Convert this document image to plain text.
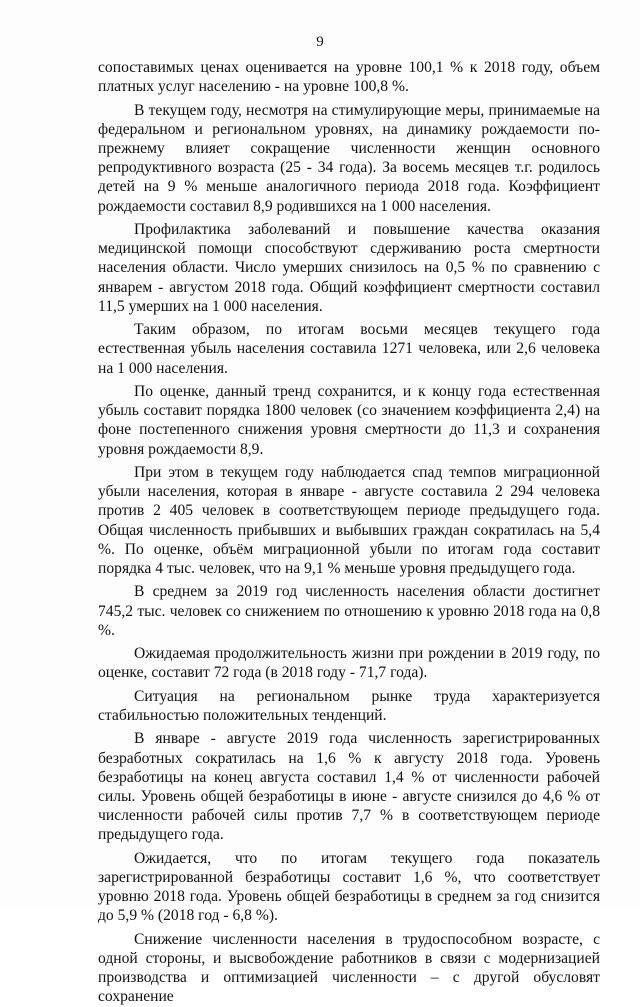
9

сопоставимых ценах оценивается на уровне 100,1 % к 2018 году, объем платных услуг населению - на уровне 100,8 %.

В текущем году, несмотря на стимулирующие меры, принимаемые на федеральном и региональном уровнях, на динамику рождаемости по-прежнему влияет сокращение численности женщин основного репродуктивного возраста (25 - 34 года). За восемь месяцев т.г. родилось детей на 9 % меньше аналогичного периода 2018 года. Коэффициент рождаемости составил 8,9 родившихся на 1 000 населения.

Профилактика заболеваний и повышение качества оказания медицинской помощи способствуют сдерживанию роста смертности населения области. Число умерших снизилось на 0,5 % по сравнению с январем - августом 2018 года. Общий коэффициент смертности составил 11,5 умерших на 1 000 населения.

Таким образом, по итогам восьми месяцев текущего года естественная убыль населения составила 1271 человека, или 2,6 человека на 1 000 населения.

По оценке, данный тренд сохранится, и к концу года естественная убыль составит порядка 1800 человек (со значением коэффициента 2,4) на фоне постепенного снижения уровня смертности до 11,3 и сохранения уровня рождаемости 8,9.

При этом в текущем году наблюдается спад темпов миграционной убыли населения, которая в январе - августе составила 2 294 человека против 2 405 человек в соответствующем периоде предыдущего года. Общая численность прибывших и выбывших граждан сократилась на 5,4 %. По оценке, объём миграционной убыли по итогам года составит порядка 4 тыс. человек, что на 9,1 % меньше уровня предыдущего года.

В среднем за 2019 год численность населения области достигнет 745,2 тыс. человек со снижением по отношению к уровню 2018 года на 0,8 %.

Ожидаемая продолжительность жизни при рождении в 2019 году, по оценке, составит 72 года (в 2018 году - 71,7 года).

Ситуация на региональном рынке труда характеризуется стабильностью положительных тенденций.

В январе - августе 2019 года численность зарегистрированных безработных сократилась на 1,6 % к августу 2018 года. Уровень безработицы на конец августа составил 1,4 % от численности рабочей силы. Уровень общей безработицы в июне - августе снизился до 4,6 % от численности рабочей силы против 7,7 % в соответствующем периоде предыдущего года.

Ожидается, что по итогам текущего года показатель зарегистрированной безработицы составит 1,6 %, что соответствует уровню 2018 года. Уровень общей безработицы в среднем за год снизится до 5,9 % (2018 год - 6,8 %).

Снижение численности населения в трудоспособном возрасте, с одной стороны, и высвобождение работников в связи с модернизацией производства и оптимизацией численности – с другой обусловят сохранение
